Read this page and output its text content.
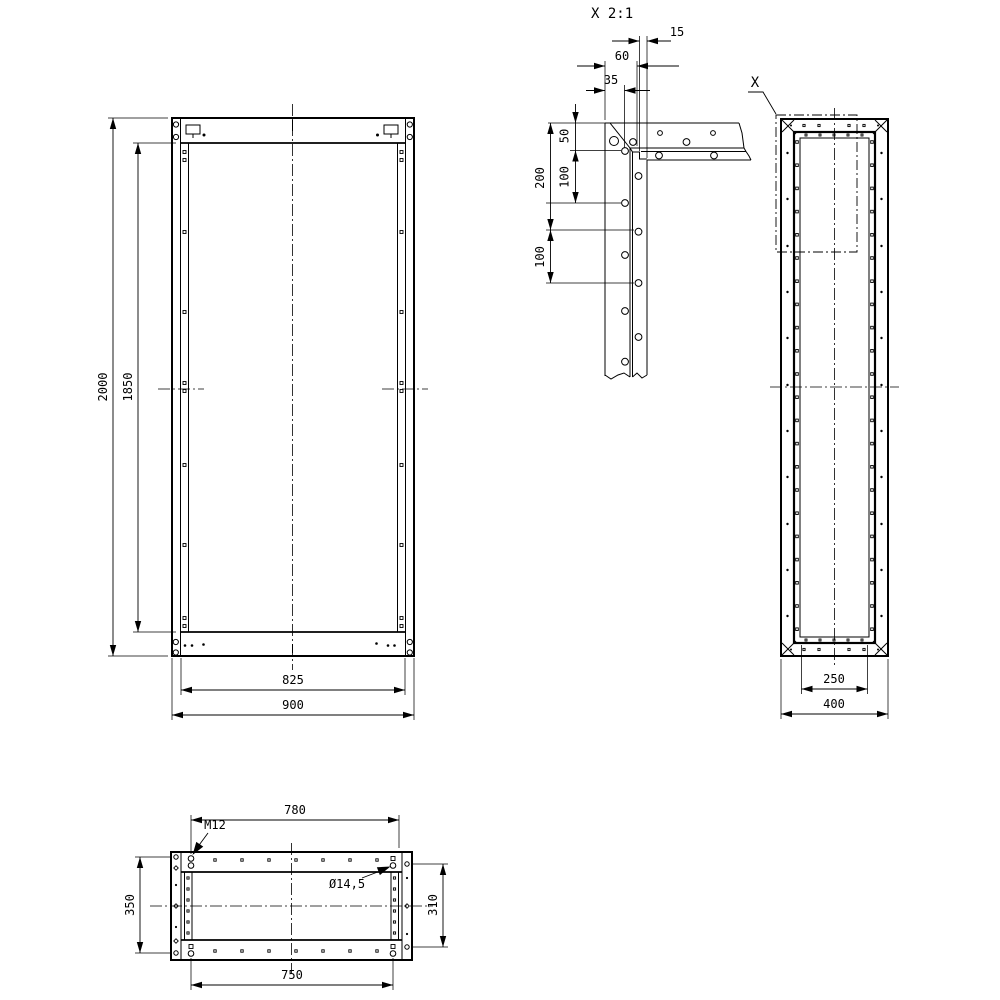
2000 1850
825
900
15
60
35
50
100
200
100
250
400
780
750
350	310
X 2:1
X
M12
Ø14,5
